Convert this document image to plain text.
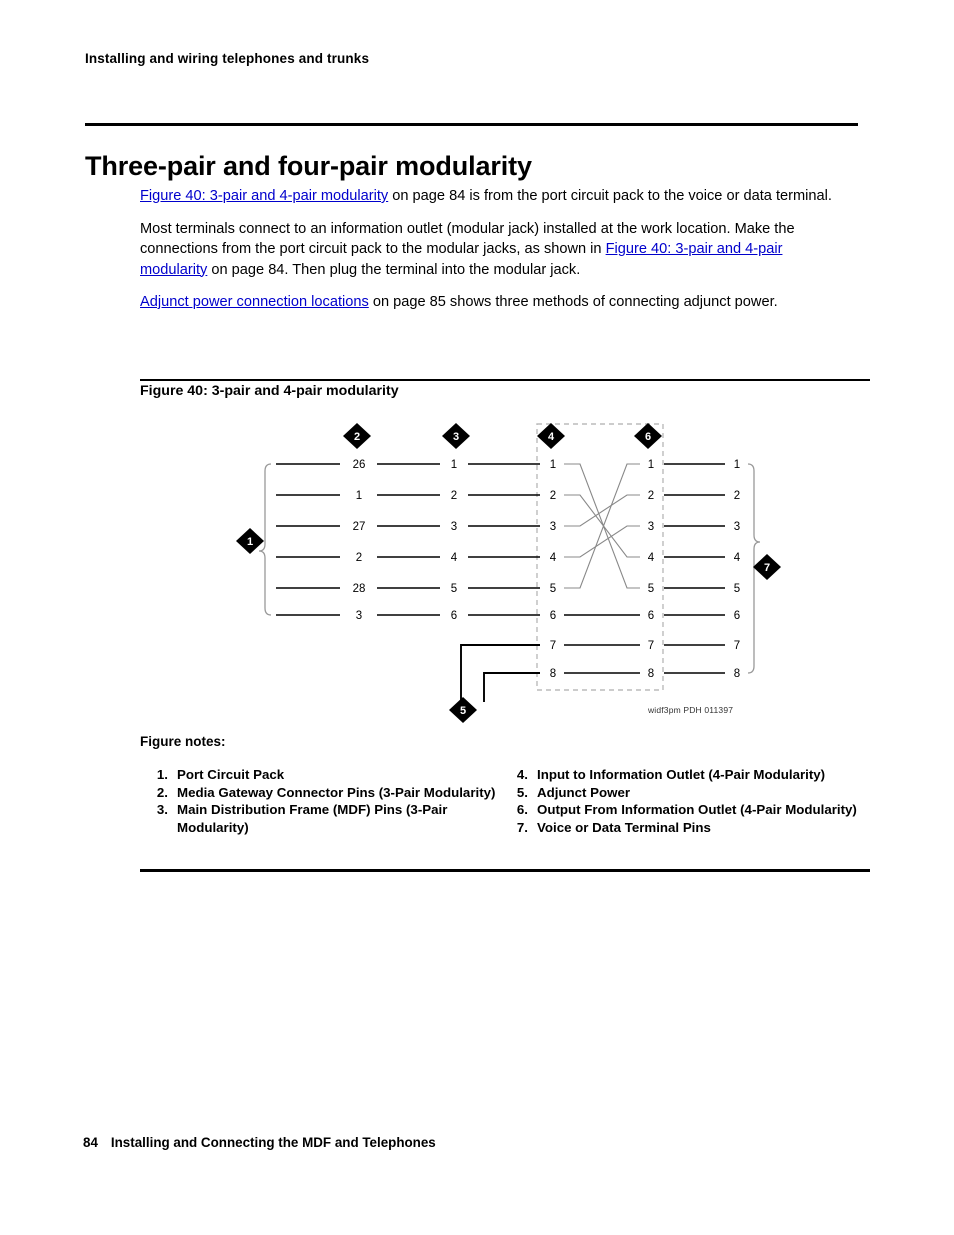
Installing and wiring telephones and trunks
Three-pair and four-pair modularity

Figure 40: 3-pair and 4-pair modularity on page 84 is from the port circuit pack to the voice or data terminal.

Most terminals connect to an information outlet (modular jack) installed at the work location. Make the connections from the port circuit pack to the modular jacks, as shown in Figure 40: 3-pair and 4-pair modularity on page 84. Then plug the terminal into the modular jack.

Adjunct power connection locations on page 85 shows three methods of connecting adjunct power.

Figure 40: 3-pair and 4-pair modularity
26
1
27
2
28
3
1
2
3
4
5
6
1
2
3
4
5
6
7
8
1
2
3
4
5
6
7
8
1
2
3
4
5
6
7
8
1
2	3	4
5
6
7
widf3pm PDH 011397
Figure notes:
1. Port Circuit Pack
2. Media Gateway Connector Pins (3-Pair Modularity)
3. Main Distribution Frame (MDF) Pins (3-Pair Modularity)
4. Input to Information Outlet (4-Pair Modularity)
5. Adjunct Power
6. Output From Information Outlet (4-Pair Modularity)
7. Voice or Data Terminal Pins
84 Installing and Connecting the MDF and Telephones
